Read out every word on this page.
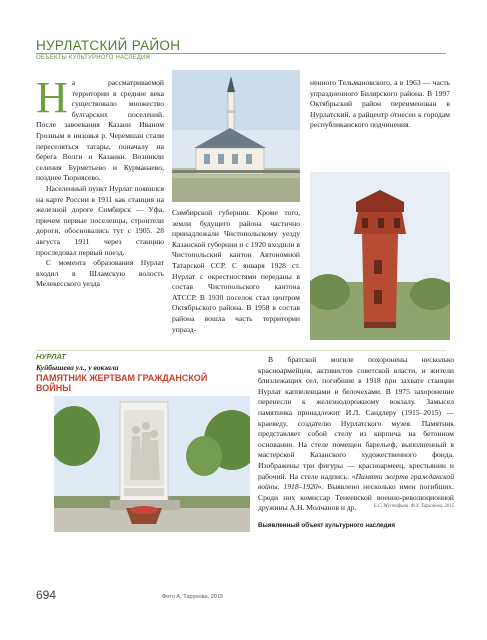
НУРЛАТСКИЙ РАЙОН
ОБЪЕКТЫ КУЛЬТУРНОГО НАСЛЕДИЯ
Н а рассматриваемой территории в средние века существовало множество булгарских поселений. После завоевания Казани Иваном Грозным в низовья р. Черемшан стали переселяться татары, поначалу на берега Волги и Казанки. Возникли селения Бурметьево и Курманаево, позднее Тюрнясево.

Населенный пункт Нурлат появился на карте России в 1911 как станция на железной дороге Симбирск — Уфа, причем первые поселенцы, строители дороги, обосновались тут с 1905. 28 августа 1911 через станцию проследовал первый поезд.

С момента образования Нурлат входил в Шламскую волость Мелекесского уезда

Симбирской губернии. Кроме того, земли будущего района частично принадлежали Чистопольскому уезду Казанской губернии и с 1920 входили в Чистопольский кантон Автономной Татарской ССР. С января 1928 ст. Нурлат с окрестностями переданы в состав Чистопольского кантона АТССР. В 1930 поселок стал центром Октябрьского района. В 1958 в состав района вошла часть территории упразд-

ненного Тельмановского, а в 1963 — часть упраздненного Билярского района. В 1997 Октябрьский район переименован в Нурлатский, а райцентр отнесен к городам республиканского подчинения.

НУРЛАТ
Куйбышева ул., у вокзала
ПАМЯТНИК ЖЕРТВАМ ГРАЖДАНСКОЙ ВОЙНЫ

В братской могиле похоронены несколько красноармейцев, активистов советской власти, и жители близлежащих сел, погибшие в 1918 при захвате станции Нурлат каппелевцами и белочехами. В 1975 захоронение перенесли к железнодорожному вокзалу. Замысел памятника принадлежит И.Л. Сандлеру (1915–2015) — краеведу, создателю Нурлатского музея. Памятник представляет собой стелу из кирпича на бетонном основании. На стеле помещен барельеф, выполненный в мастерской Казанского художественного фонда. Изображены три фигуры — красноармеец, крестьянин и рабочий. На стеле надпись: «Памяти жертв гражданской войны. 1918–1920». Выявлено несколько имен погибших. Среди них комиссар Тенеевской военно-революционной дружины А.Н. Молчанов и др.	Е.С. Мустафина, Ф.Х. Тарханова, 2015
Выявленный объект культурного наследия
694	Фото А. Тарунова, 2015
